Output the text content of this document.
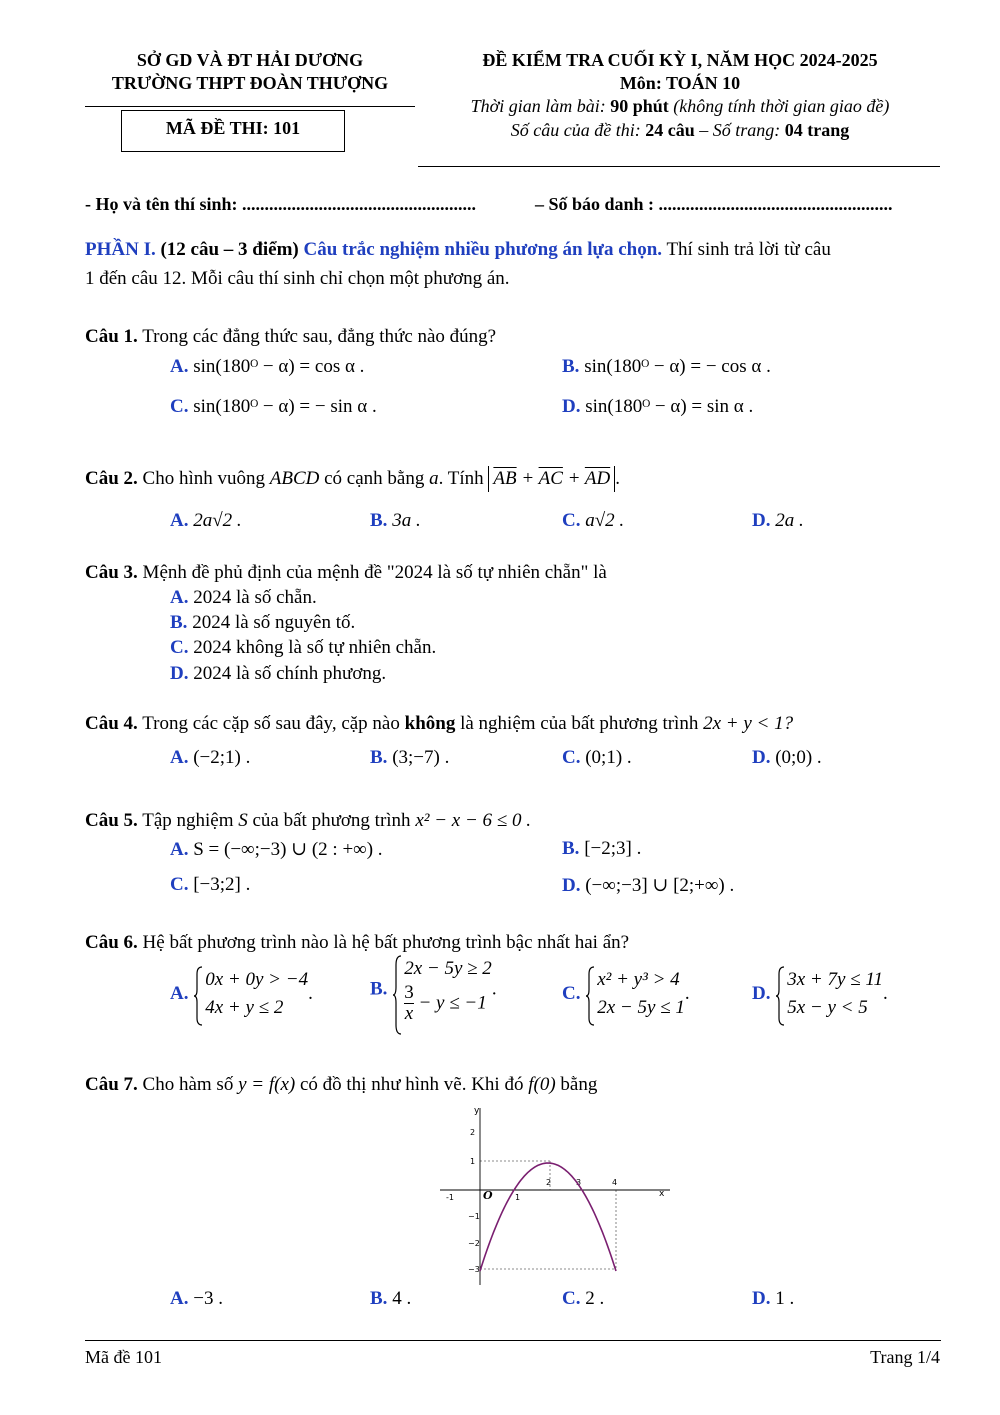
SỞ GD VÀ ĐT HẢI DƯƠNG
TRƯỜNG THPT ĐOÀN THƯỢNG
MÃ ĐỀ THI: 101
ĐỀ KIỂM TRA CUỐI KỲ I, NĂM HỌC 2024-2025
Môn: TOÁN 10
Thời gian làm bài: 90 phút (không tính thời gian giao đề)
Số câu của đề thi: 24 câu – Số trang: 04 trang
- Họ và tên thí sinh: ....................................................	– Số báo danh : ....................................................
PHẦN I. (12 câu – 3 điểm) Câu trắc nghiệm nhiều phương án lựa chọn. Thí sinh trả lời từ câu
1 đến câu 12. Mỗi câu thí sinh chỉ chọn một phương án.
Câu 1. Trong các đẳng thức sau, đẳng thức nào đúng?
A. sin(180ᴼ − α) = cos α .	B. sin(180ᴼ − α) = − cos α .
C. sin(180ᴼ − α) = − sin α .	D. sin(180ᴼ − α) = sin α .
Câu 2. Cho hình vuông ABCD có cạnh bằng a. Tính $\overline{AB} + \overline{AC} + \overline{AD}$ .
A. 2a√2 .	B. 3a .	C. a√2 .	D. 2a .
Câu 3. Mệnh đề phủ định của mệnh đề "2024 là số tự nhiên chẵn" là
A. 2024 là số chẵn.
B. 2024 là số nguyên tố.
C. 2024 không là số tự nhiên chẵn.
D. 2024 là số chính phương.
Câu 4. Trong các cặp số sau đây, cặp nào không là nghiệm của bất phương trình 2x + y < 1?
A. (−2;1) .	B. (3;−7) .	C. (0;1) .	D. (0;0) .
Câu 5. Tập nghiệm S của bất phương trình x² − x − 6 ≤ 0 .
A. S = (−∞;−3) ∪ (2 : +∞) .	B. [−2;3] .
C. [−3;2] .	D. (−∞;−3] ∪ [2;+∞) .
Câu 6. Hệ bất phương trình nào là hệ bất phương trình bậc nhất hai ẩn?
A.
0x + 0y > −4
4x + y ≤ 2
.	B.
2x − 5y ≥ 2
$\frac{3}{x} - y \le -1$
.	C.
x² + y³ > 4
2x − 5y ≤ 1
.	D.
3x + 7y ≤ 11
5x − y < 5
.
Câu 7. Cho hàm số y = f(x) có đồ thị như hình vẽ. Khi đó f(0) bằng
y
x
O
2
1
−1
−2
−3
-1	1
2	3	4
A. −3 .	B. 4 .	C. 2 .	D. 1 .
Mã đề 101	Trang 1/4
